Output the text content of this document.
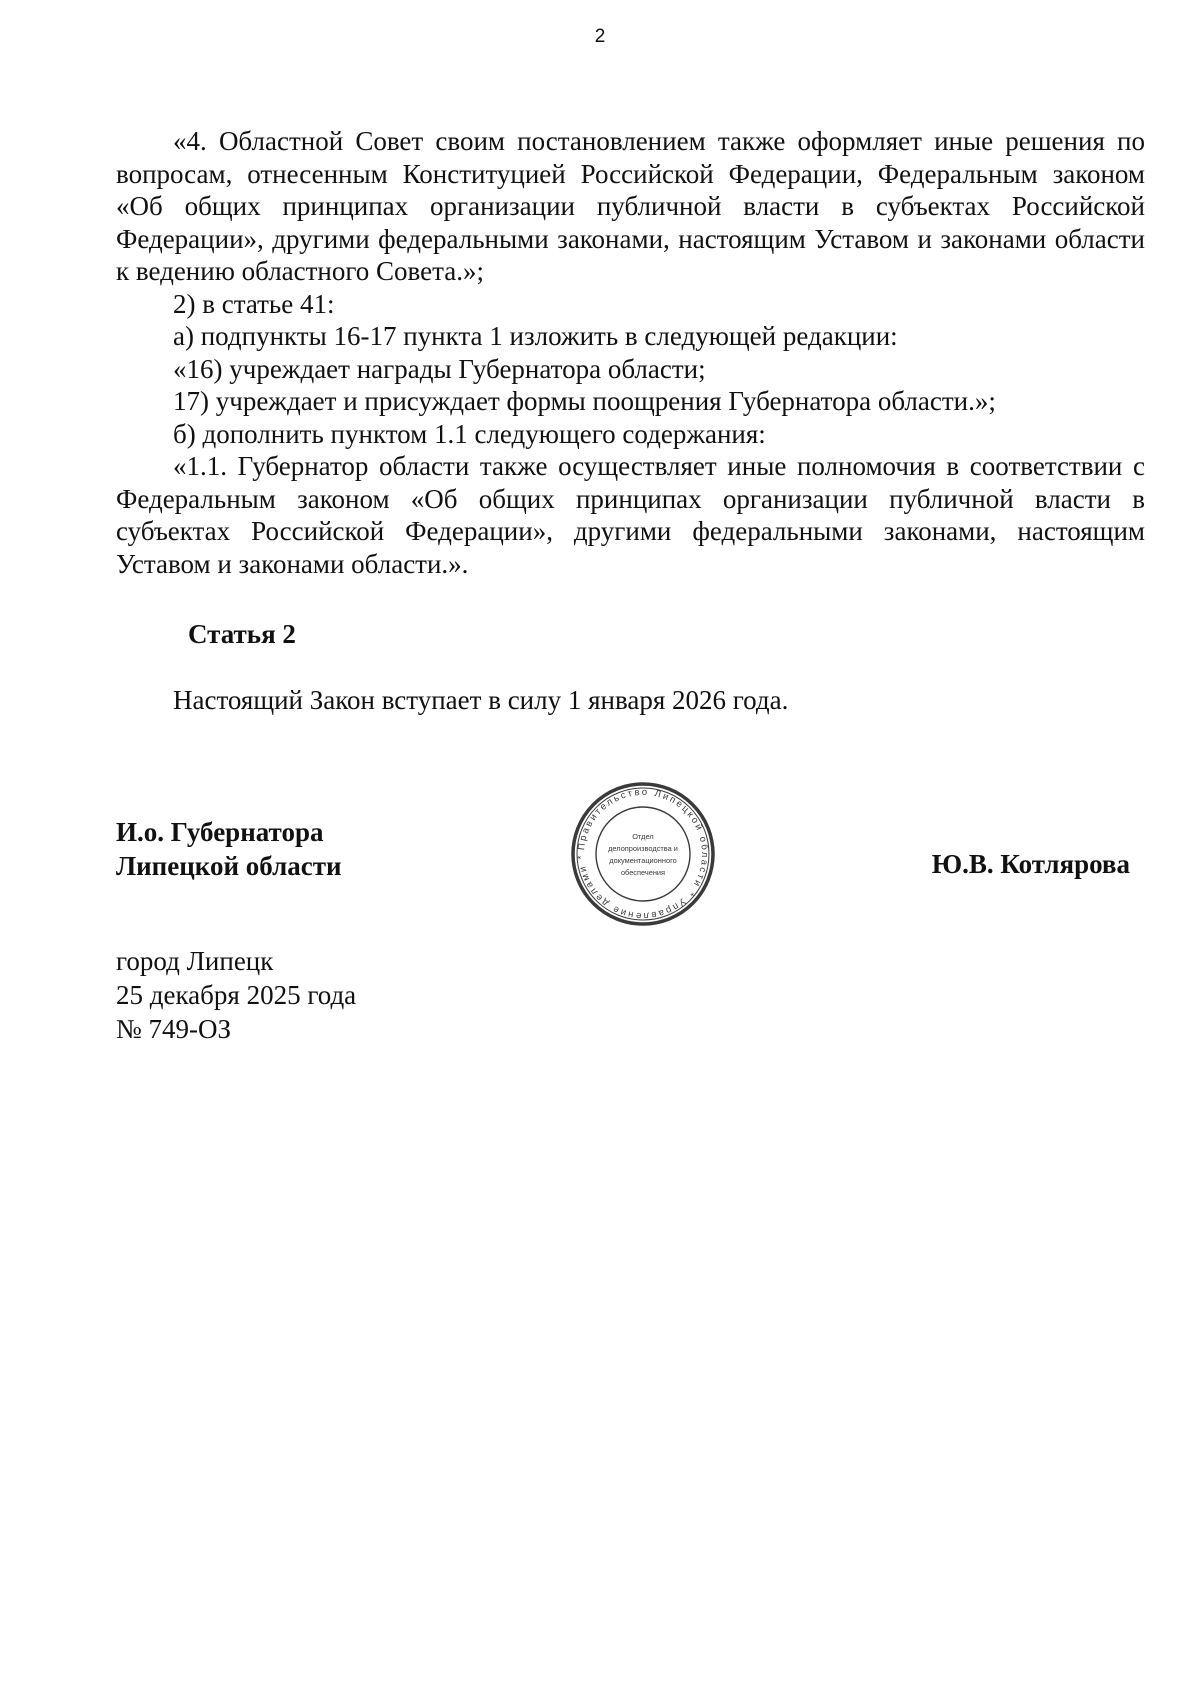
2

«4. Областной Совет своим постановлением также оформляет иные решения по вопросам, отнесенным Конституцией Российской Федерации, Федеральным законом «Об общих принципах организации публичной власти в субъектах Российской Федерации», другими федеральными законами, настоящим Уставом и законами области к ведению областного Совета.»;

2) в статье 41:

а) подпункты 16-17 пункта 1 изложить в следующей редакции:

«16) учреждает награды Губернатора области;

17) учреждает и присуждает формы поощрения Губернатора области.»;

б) дополнить пунктом 1.1 следующего содержания:

«1.1. Губернатор области также осуществляет иные полномочия в соответствии с Федеральным законом «Об общих принципах организации публичной власти в субъектах Российской Федерации», другими федеральными законами, настоящим Уставом и законами области.».

Статья 2
Настоящий Закон вступает в силу 1 января 2026 года.
И.о. Губернатора
Липецкой области
Правительство Липецкой области * Управление делами *
Отдел
делопроизводства и
документационного
обеспечения	Ю.В. Котлярова
город Липецк
25 декабря 2025 года
№ 749-ОЗ
